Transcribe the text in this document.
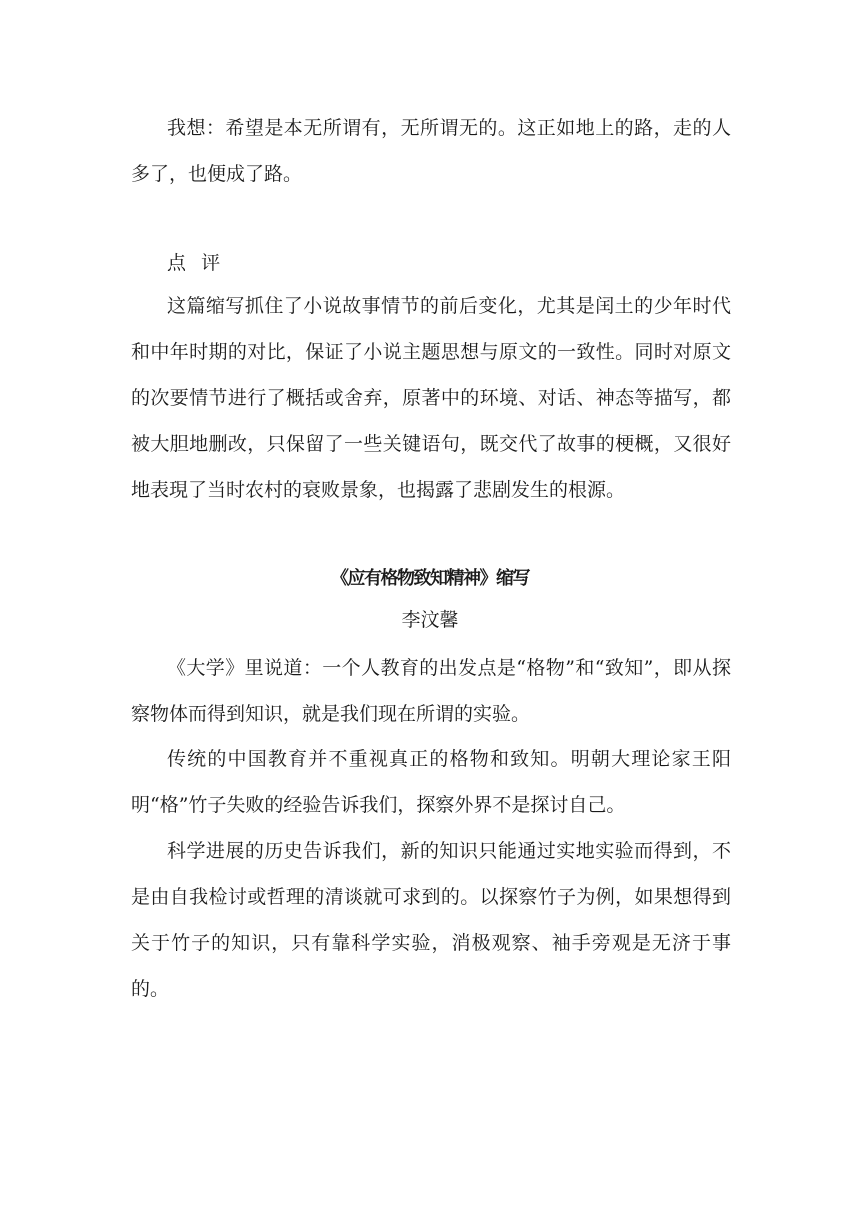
我想：希望是本无所谓有，无所谓无的。这正如地上的路，走的人多了，也便成了路。

点  评

这篇缩写抓住了小说故事情节的前后变化，尤其是闰土的少年时代和中年时期的对比，保证了小说主题思想与原文的一致性。同时对原文的次要情节进行了概括或舍弃，原著中的环境、对话、神态等描写，都被大胆地删改，只保留了一些关键语句，既交代了故事的梗概，又很好地表現了当时农村的衰败景象，也揭露了悲剧发生的根源。

《应有格物致知精神》缩写

李汶馨

《大学》里说道：一个人教育的出发点是“格物”和“致知”，即从探察物体而得到知识，就是我们现在所谓的实验。

传统的中国教育并不重视真正的格物和致知。明朝大理论家王阳明“格”竹子失败的经验告诉我们，探察外界不是探讨自己。

科学进展的历史告诉我们，新的知识只能通过实地实验而得到，不是由自我检讨或哲理的清谈就可求到的。以探察竹子为例，如果想得到关于竹子的知识，只有靠科学实验，消极观察、袖手旁观是无济于事的。
